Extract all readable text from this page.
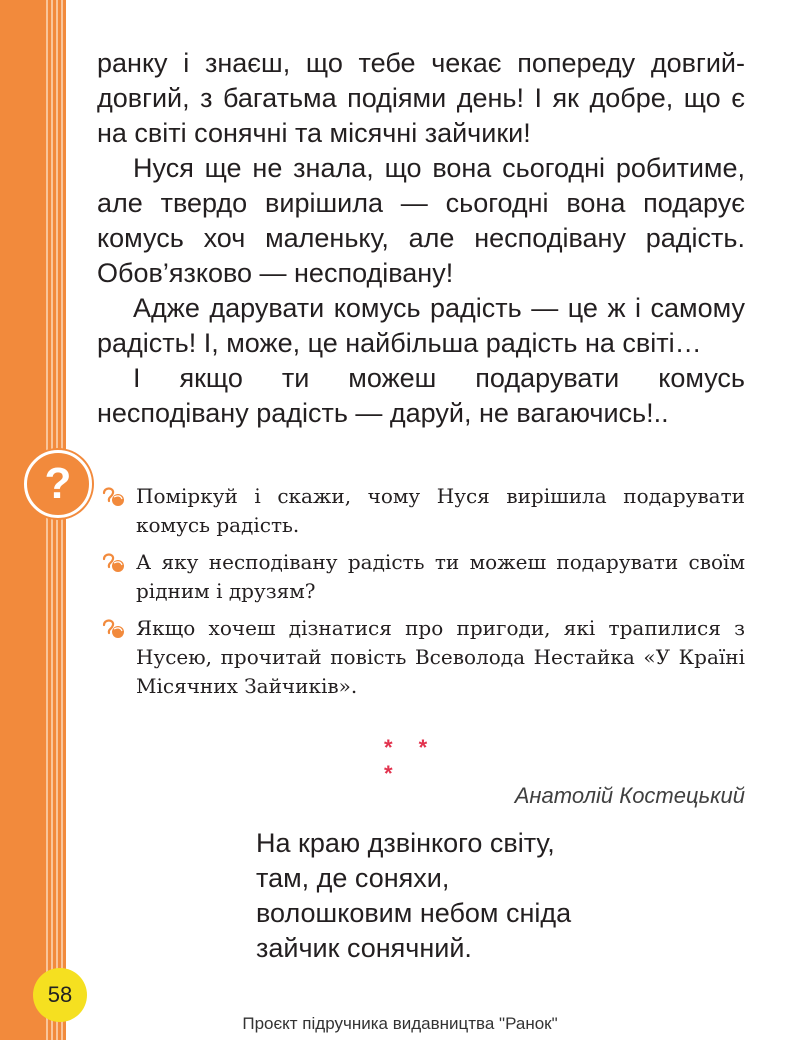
ранку і знаєш, що тебе чекає попереду довгий-довгий, з багатьма подіями день! І як добре, що є на світі сонячні та місячні зайчики!

Нуся ще не знала, що вона сьогодні робитиме, але твердо вирішила — сьогодні вона подарує комусь хоч маленьку, але несподівану радість. Обов’язково — несподівану!

Адже дарувати комусь радість — це ж і самому радість! І, може, це найбільша радість на світі…

І якщо ти можеш подарувати комусь несподівану радість — даруй, не вагаючись!..

?	Поміркуй і скажи, чому Нуся вирішила подарувати комусь радість.

А яку несподівану радість ти можеш подарувати своїм рідним і друзям?

Якщо хочеш дізнатися про пригоди, які трапилися з Нусею, прочитай повість Всеволода Нестайка «У Країні Місячних Зайчиків».

* * *
Анатолій Костецький
На краю дзвінкого світу,
там, де соняхи,
волошковим небом сніда
зайчик сонячний.
58
Проєкт підручника видавництва "Ранок"
